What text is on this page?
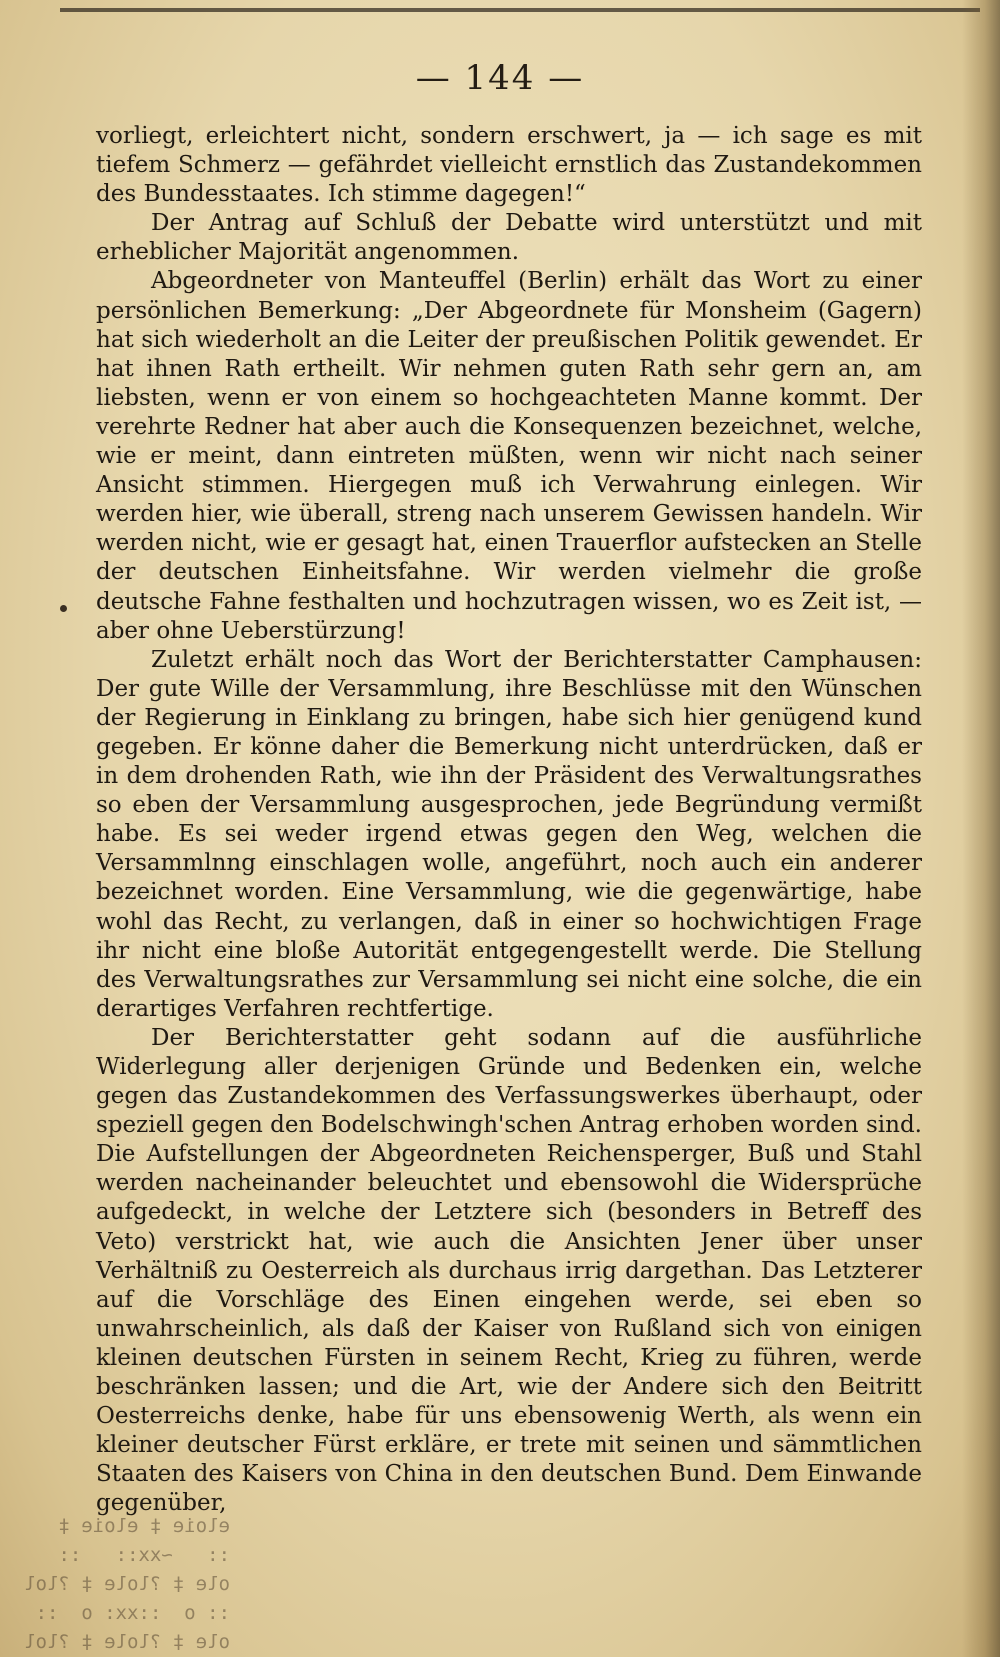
— 144 —

vorliegt, erleichtert nicht, sondern erschwert, ja — ich sage es mit tiefem Schmerz — gefährdet vielleicht ernstlich das Zustandekommen des Bundesstaates. Ich stimme dagegen!“

Der Antrag auf Schluß der Debatte wird unterstützt und mit erheblicher Majorität angenommen.

Abgeordneter von Manteuffel (Berlin) erhält das Wort zu einer persönlichen Bemerkung: „Der Abgeordnete für Monsheim (Gagern) hat sich wiederholt an die Leiter der preußischen Politik gewendet. Er hat ihnen Rath ertheilt. Wir nehmen guten Rath sehr gern an, am liebsten, wenn er von einem so hochgeachteten Manne kommt. Der verehrte Redner hat aber auch die Konsequenzen bezeichnet, welche, wie er meint, dann eintreten müßten, wenn wir nicht nach seiner Ansicht stimmen. Hiergegen muß ich Verwahrung einlegen. Wir werden hier, wie überall, streng nach unserem Gewissen handeln. Wir werden nicht, wie er gesagt hat, einen Trauerflor aufstecken an Stelle der deutschen Einheitsfahne. Wir werden vielmehr die große deutsche Fahne festhalten und hochzutragen wissen, wo es Zeit ist, — aber ohne Ueberstürzung!

Zuletzt erhält noch das Wort der Berichterstatter Camphausen: Der gute Wille der Versammlung, ihre Beschlüsse mit den Wünschen der Regierung in Einklang zu bringen, habe sich hier genügend kund gegeben. Er könne daher die Bemerkung nicht unterdrücken, daß er in dem drohenden Rath, wie ihn der Präsident des Verwaltungsrathes so eben der Versammlung ausgesprochen, jede Begründung vermißt habe. Es sei weder irgend etwas gegen den Weg, welchen die Versammlnng einschlagen wolle, angeführt, noch auch ein anderer bezeichnet worden. Eine Versammlung, wie die gegenwärtige, habe wohl das Recht, zu verlangen, daß in einer so hochwichtigen Frage ihr nicht eine bloße Autorität entgegengestellt werde. Die Stellung des Verwaltungsrathes zur Versammlung sei nicht eine solche, die ein derartiges Verfahren rechtfertige.

Der Berichterstatter geht sodann auf die ausführliche Widerlegung aller derjenigen Gründe und Bedenken ein, welche gegen das Zustandekommen des Verfassungswerkes überhaupt, oder speziell gegen den Bodelschwingh'schen Antrag erhoben worden sind. Die Aufstellungen der Abgeordneten Reichensperger, Buß und Stahl werden nacheinander beleuchtet und ebensowohl die Widersprüche aufgedeckt, in welche der Letztere sich (besonders in Betreff des Veto) verstrickt hat, wie auch die Ansichten Jener über unser Verhältniß zu Oesterreich als durchaus irrig dargethan. Das Letzterer auf die Vorschläge des Einen eingehen werde, sei eben so unwahrscheinlich, als daß der Kaiser von Rußland sich von einigen kleinen deutschen Fürsten in seinem Recht, Krieg zu führen, werde beschränken lassen; und die Art, wie der Andere sich den Beitritt Oesterreichs denke, habe für uns ebensowenig Werth, als wenn ein kleiner deutscher Fürst erkläre, er trete mit seinen und sämmtlichen Staaten des Kaisers von China in den deutschen Bund. Dem Einwande gegenüber,

eloie ‡ eloie ‡
::   ~xx::   ::
ole ‡ ?lole ‡ ?lol
:: o  ::xx: o  ::
ole ‡ ?lole ‡ ?lol
